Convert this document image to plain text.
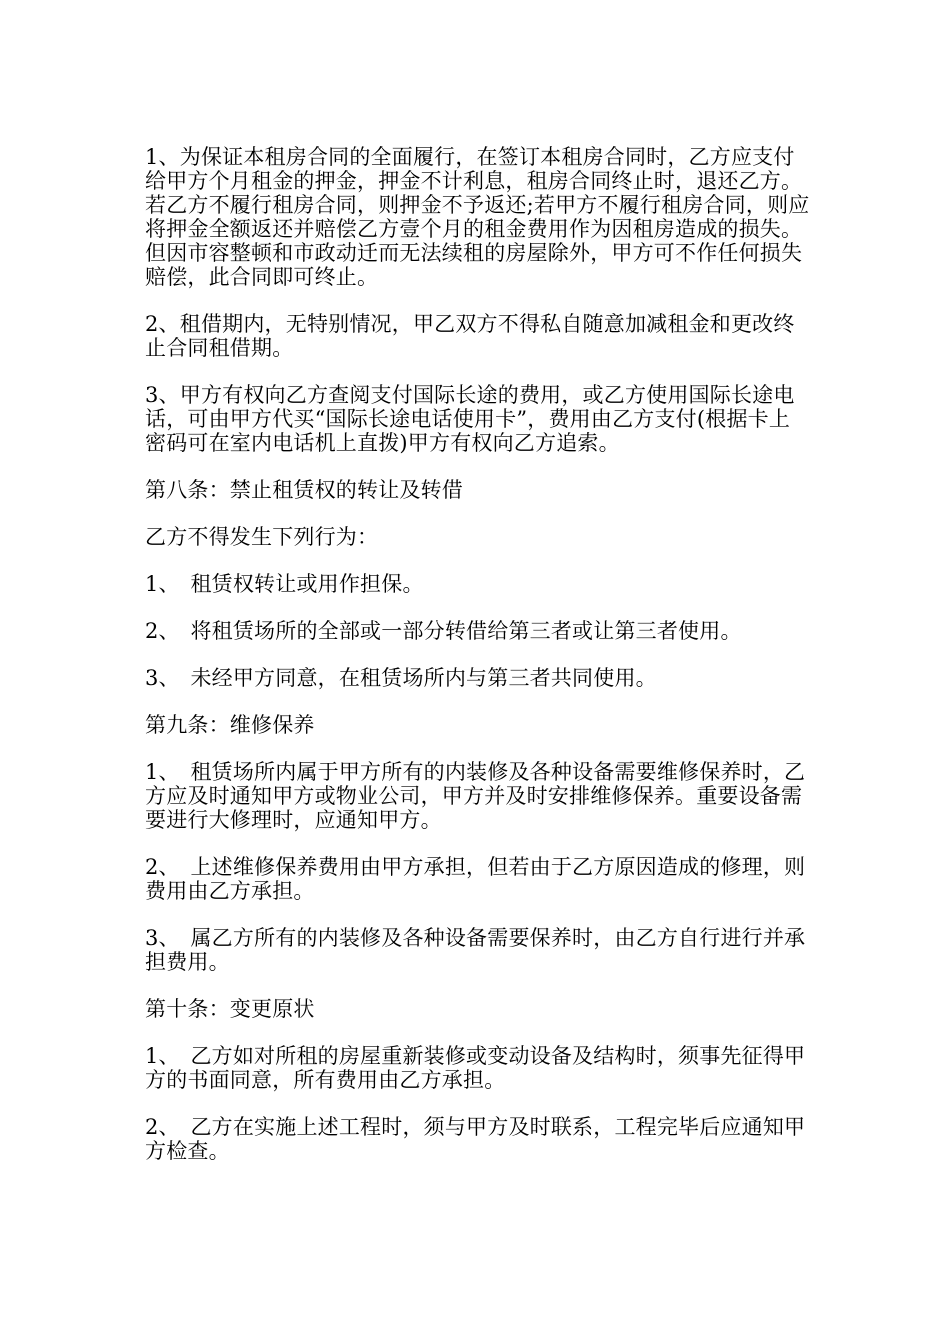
1、为保证本租房合同的全面履行，在签订本租房合同时，乙方应支付给甲方个月租金的押金，押金不计利息，租房合同终止时，退还乙方。若乙方不履行租房合同，则押金不予返还;若甲方不履行租房合同，则应将押金全额返还并赔偿乙方壹个月的租金费用作为因租房造成的损失。但因市容整顿和市政动迁而无法续租的房屋除外，甲方可不作任何损失赔偿，此合同即可终止。

2、租借期内，无特别情况，甲乙双方不得私自随意加减租金和更改终止合同租借期。

3、甲方有权向乙方查阅支付国际长途的费用，或乙方使用国际长途电话，可由甲方代买“国际长途电话使用卡”，费用由乙方支付(根据卡上密码可在室内电话机上直拨)甲方有权向乙方追索。

第八条：禁止租赁权的转让及转借

乙方不得发生下列行为：

1、　租赁权转让或用作担保。

2、　将租赁场所的全部或一部分转借给第三者或让第三者使用。

3、　未经甲方同意，在租赁场所内与第三者共同使用。

第九条：维修保养

1、　租赁场所内属于甲方所有的内装修及各种设备需要维修保养时，乙方应及时通知甲方或物业公司，甲方并及时安排维修保养。重要设备需要进行大修理时，应通知甲方。

2、　上述维修保养费用由甲方承担，但若由于乙方原因造成的修理，则费用由乙方承担。

3、　属乙方所有的内装修及各种设备需要保养时，由乙方自行进行并承担费用。

第十条：变更原状

1、　乙方如对所租的房屋重新装修或变动设备及结构时，须事先征得甲方的书面同意，所有费用由乙方承担。

2、　乙方在实施上述工程时，须与甲方及时联系，工程完毕后应通知甲方检查。
